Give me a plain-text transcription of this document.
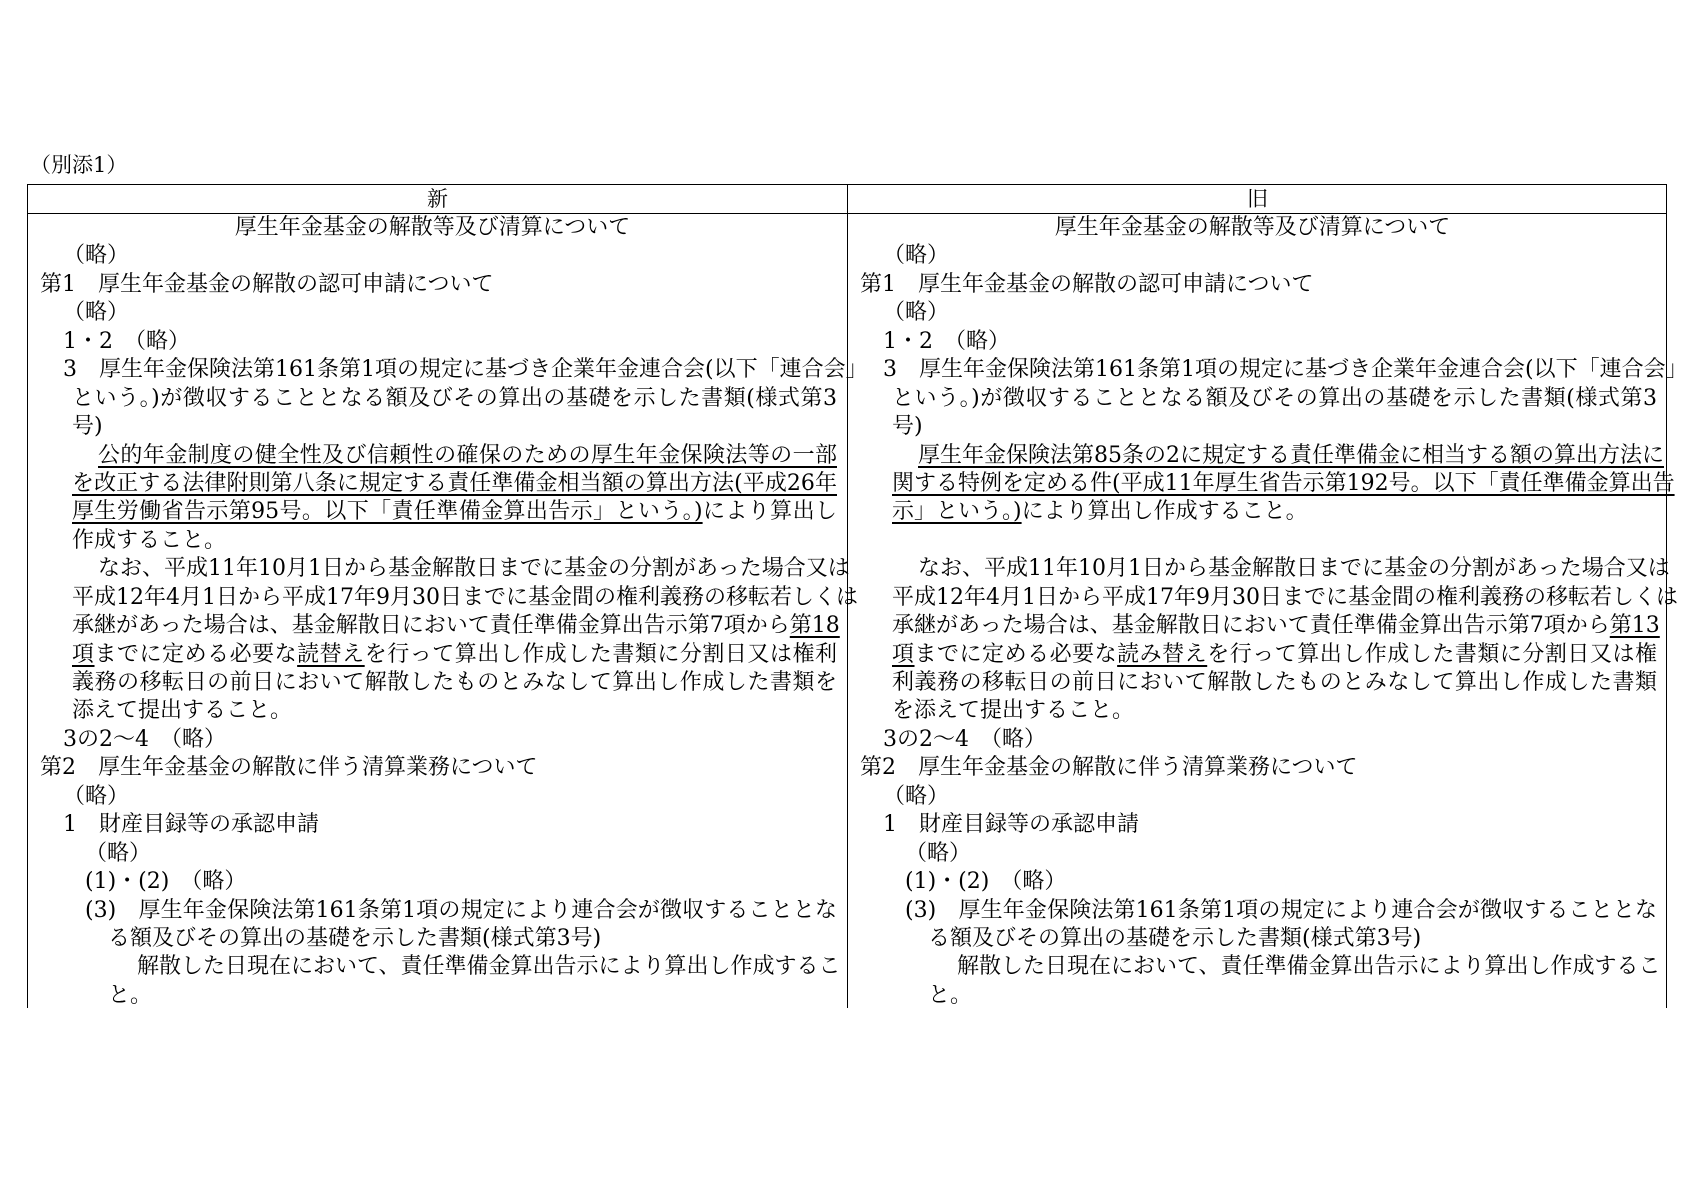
（別添1）
新
厚生年金基金の解散等及び清算について
（略）
第1　厚生年金基金の解散の認可申請について
（略）
1・2　（略）
3　厚生年金保険法第161条第1項の規定に基づき企業年金連合会(以下「連合会」
という。)が徴収することとなる額及びその算出の基礎を示した書類(様式第3
号)
公的年金制度の健全性及び信頼性の確保のための厚生年金保険法等の一部
を改正する法律附則第八条に規定する責任準備金相当額の算出方法(平成26年
厚生労働省告示第95号。以下「責任準備金算出告示」という。)により算出し
作成すること。
なお、平成11年10月1日から基金解散日までに基金の分割があった場合又は
平成12年4月1日から平成17年9月30日までに基金間の権利義務の移転若しくは
承継があった場合は、基金解散日において責任準備金算出告示第7項から第18
項までに定める必要な読替えを行って算出し作成した書類に分割日又は権利
義務の移転日の前日において解散したものとみなして算出し作成した書類を
添えて提出すること。
3の2～4　（略）
第2　厚生年金基金の解散に伴う清算業務について
（略）
1　財産目録等の承認申請
（略）
(1)・(2)　（略）
(3)　厚生年金保険法第161条第1項の規定により連合会が徴収することとな
る額及びその算出の基礎を示した書類(様式第3号)
解散した日現在において、責任準備金算出告示により算出し作成するこ
と。
旧
厚生年金基金の解散等及び清算について
（略）
第1　厚生年金基金の解散の認可申請について
（略）
1・2　（略）
3　厚生年金保険法第161条第1項の規定に基づき企業年金連合会(以下「連合会」
という。)が徴収することとなる額及びその算出の基礎を示した書類(様式第3
号)
厚生年金保険法第85条の2に規定する責任準備金に相当する額の算出方法に
関する特例を定める件(平成11年厚生省告示第192号。以下「責任準備金算出告
示」という。)により算出し作成すること。
なお、平成11年10月1日から基金解散日までに基金の分割があった場合又は
平成12年4月1日から平成17年9月30日までに基金間の権利義務の移転若しくは
承継があった場合は、基金解散日において責任準備金算出告示第7項から第13
項までに定める必要な読み替えを行って算出し作成した書類に分割日又は権
利義務の移転日の前日において解散したものとみなして算出し作成した書類
を添えて提出すること。
3の2～4　（略）
第2　厚生年金基金の解散に伴う清算業務について
（略）
1　財産目録等の承認申請
（略）
(1)・(2)　（略）
(3)　厚生年金保険法第161条第1項の規定により連合会が徴収することとな
る額及びその算出の基礎を示した書類(様式第3号)
解散した日現在において、責任準備金算出告示により算出し作成するこ
と。
